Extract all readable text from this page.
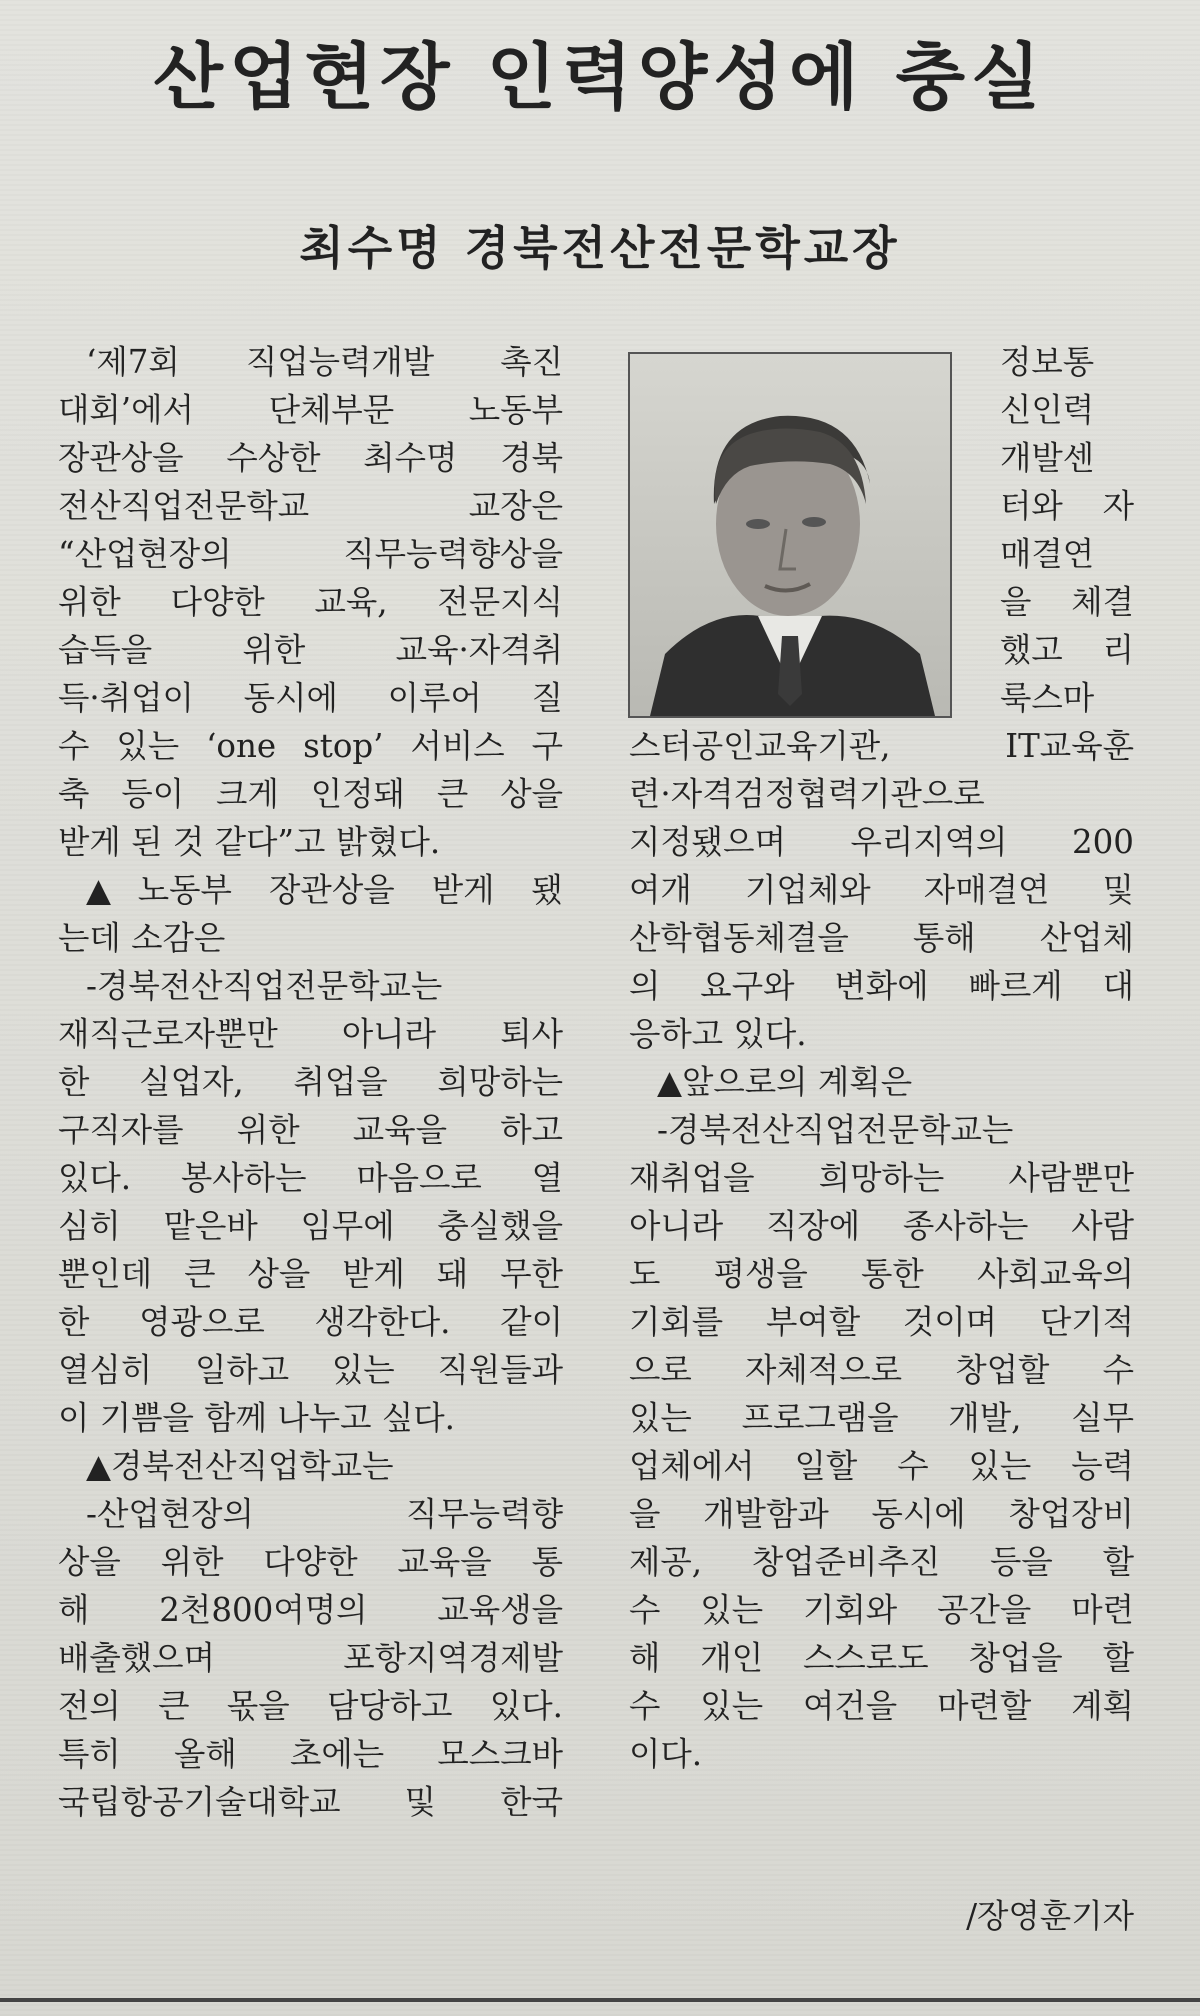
산업현장 인력양성에 충실
최수명 경북전산전문학교장

‘제7회 직업능력개발 촉진

대회’에서 단체부문 노동부

장관상을 수상한 최수명 경북

전산직업전문학교 교장은

“산업현장의 직무능력향상을

위한 다양한 교육, 전문지식

습득을 위한 교육·자격취

득·취업이 동시에 이루어 질

수 있는 ‘one stop’ 서비스 구

축 등이 크게 인정돼 큰 상을

받게 된 것 같다”고 밝혔다.

▲노동부 장관상을 받게 됐

는데 소감은

-경북전산직업전문학교는

재직근로자뿐만 아니라 퇴사

한 실업자, 취업을 희망하는

구직자를 위한 교육을 하고

있다. 봉사하는 마음으로 열

심히 맡은바 임무에 충실했을

뿐인데 큰 상을 받게 돼 무한

한 영광으로 생각한다. 같이

열심히 일하고 있는 직원들과

이 기쁨을 함께 나누고 싶다.

▲경북전산직업학교는

-산업현장의 직무능력향

상을 위한 다양한 교육을 통

해 2천800여명의 교육생을

배출했으며 포항지역경제발

전의 큰 몫을 담당하고 있다.

특히 올해 초에는 모스크바

국립항공기술대학교 및 한국

정보통

신인력

개발센

터와 자

매결연

을 체결

했고 리

룩스마

스터공인교육기관, IT교육훈

련·자격검정협력기관으로

지정됐으며 우리지역의 200

여개 기업체와 자매결연 및

산학협동체결을 통해 산업체

의 요구와 변화에 빠르게 대

응하고 있다.

▲앞으로의 계획은

-경북전산직업전문학교는

재취업을 희망하는 사람뿐만

아니라 직장에 종사하는 사람

도 평생을 통한 사회교육의

기회를 부여할 것이며 단기적

으로 자체적으로 창업할 수

있는 프로그램을 개발, 실무

업체에서 일할 수 있는 능력

을 개발함과 동시에 창업장비

제공, 창업준비추진 등을 할

수 있는 기회와 공간을 마련

해 개인 스스로도 창업을 할

수 있는 여건을 마련할 계획

이다.

/장영훈기자
